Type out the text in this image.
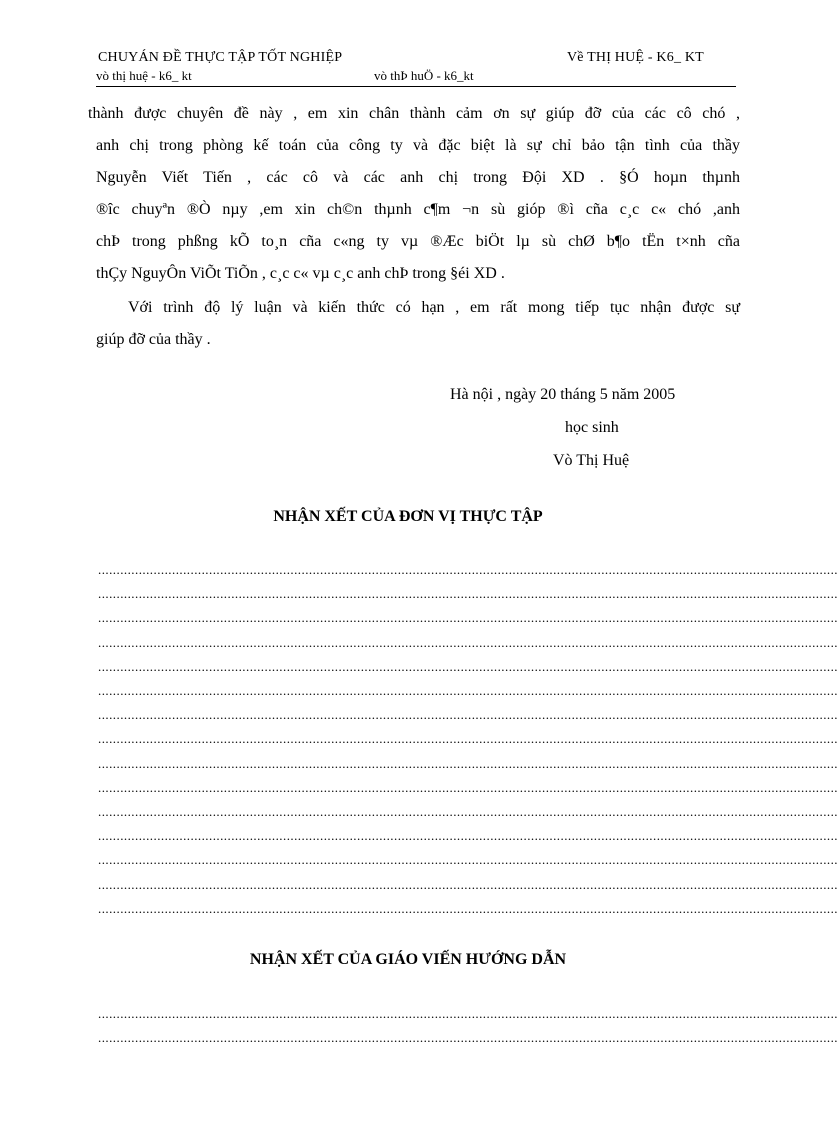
CHUYÁN ĐỀ THỰC TẬP TỐT NGHIỆP	Về THỊ HUỆ - K6_ KT
vò thị huệ - k6_ kt	vò thÞ huÖ - k6_kt
thành được chuyên đề này , em xin chân thành cảm ơn sự giúp đỡ của các cô chó ,
anh chị trong phòng kế toán của công ty và đặc biệt là sự chỉ bảo tận tình của thầy
Nguyễn Viết Tiến , các cô và các anh chị trong Đội XD . §Ó hoµn thµnh
®îc chuyªn ®Ò nµy ,em xin ch©n thµnh c¶m ¬n sù gióp ®ì cña c¸c c« chó ,anh
chÞ trong phßng kÕ to¸n cña c«ng ty vµ ®Æc biÖt lµ sù chØ b¶o tËn t×nh cña
thÇy NguyÔn ViÕt TiÕn , c¸c c« vµ c¸c anh chÞ trong §éi XD .
Với trình độ lý luận và kiến thức có hạn , em rất mong tiếp tục nhận được sự
giúp đỡ của thầy .
Hà nội , ngày 20 tháng 5 năm 2005
học sinh
Vò Thị Huệ
NHẬN XẾT CỦA ĐƠN VỊ THỰC TẬP
........................................................................................................................................................................................................
........................................................................................................................................................................................................
........................................................................................................................................................................................................
........................................................................................................................................................................................................
........................................................................................................................................................................................................
........................................................................................................................................................................................................
........................................................................................................................................................................................................
........................................................................................................................................................................................................
........................................................................................................................................................................................................
........................................................................................................................................................................................................
........................................................................................................................................................................................................
........................................................................................................................................................................................................
........................................................................................................................................................................................................
........................................................................................................................................................................................................
........................................................................................................................................................................................................
NHẬN XẾT CỦA GIÁO VIẾN HƯỚNG DẪN
........................................................................................................................................................................................................
........................................................................................................................................................................................................
